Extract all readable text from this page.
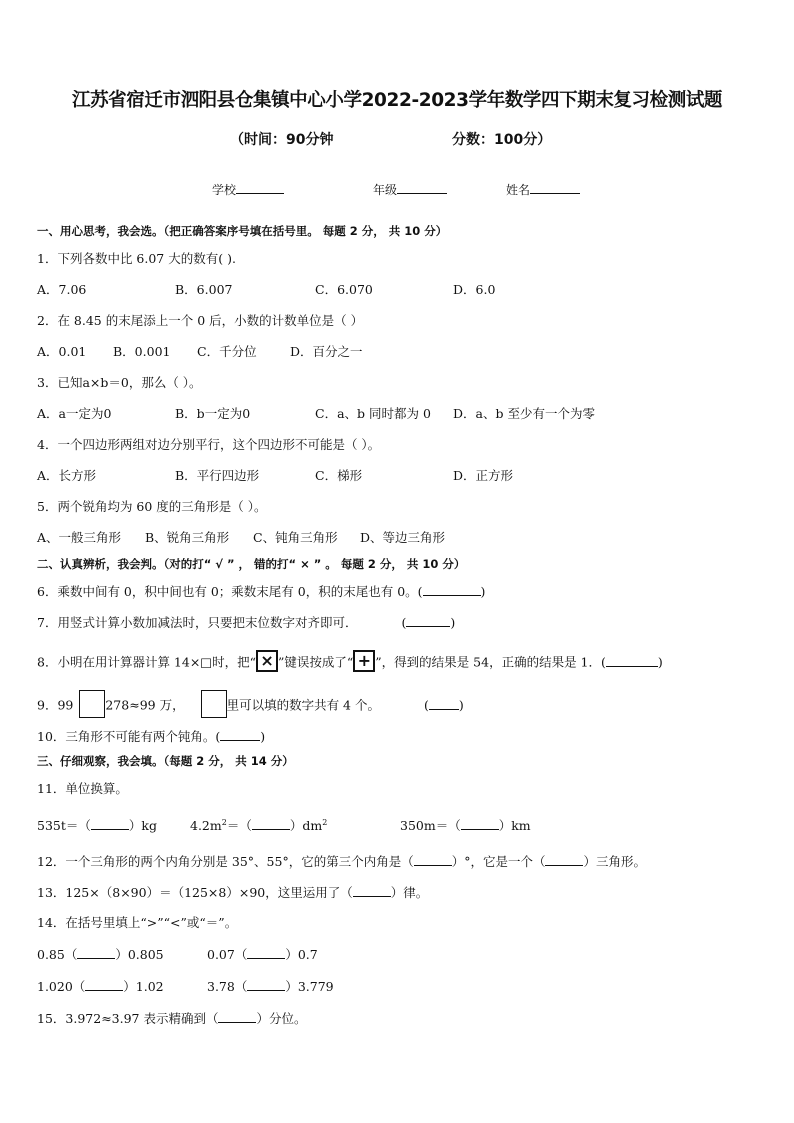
江苏省宿迁市泗阳县仓集镇中心小学2022-2023学年数学四下期末复习检测试题
（时间：90分钟	分数：100分）
学校	年级	姓名
一、用心思考，我会选。（把正确答案序号填在括号里。 每题 2 分， 共 10 分）
1．下列各数中比 6.07 大的数有( ).
A．7.06	B．6.007	C．6.070	D．6.0
2．在 8.45 的末尾添上一个 0 后，小数的计数单位是（ ）
A．0.01 B．0.001 C．千分位	D．百分之一
3．已知a×b＝0，那么（ ）。
A．a一定为0	B．b一定为0	C．a、b 同时都为 0 D．a、b 至少有一个为零
4．一个四边形两组对边分别平行，这个四边形不可能是（ ）。
A．长方形	B．平行四边形	C．梯形	D．正方形
5．两个锐角均为 60 度的三角形是（ ）。
A、一般三角形 B、锐角三角形 C、钝角三角形 D、等边三角形
二、认真辨析，我会判。（对的打“ √ ” ， 错的打“ × ” 。 每题 2 分， 共 10 分）
6．乘数中间有 0，积中间也有 0；乘数末尾有 0，积的末尾也有 0。(	)
7．用竖式计算小数加减法时，只要把末位数字对齐即可．	(	)
8．小明在用计算器计算 14×□时，把“ × ”键误按成了“ + ”，得到的结果是 54，正确的结果是 1．(	)
9．99	278≈99 万，	里可以填的数字共有 4 个。	( )
10．三角形不可能有两个钝角。(	)
三、仔细观察，我会填。（每题 2 分， 共 14 分）
11．单位换算。
535t＝（	）kg	$4.2m^2=$（	）$dm^2$	350m＝（	）km
12．一个三角形的两个内角分别是 35°、55°，它的第三个内角是（	）°，它是一个（	）三角形。
13．125×（8×90）＝（125×8）×90，这里运用了（	）律。
14．在括号里填上“>”“<”或“＝”。
0.85（	）0.805	0.07（	）0.7
1.020（	）1.02	3.78（	）3.779
15．3.972≈3.97 表示精确到（	）分位。
